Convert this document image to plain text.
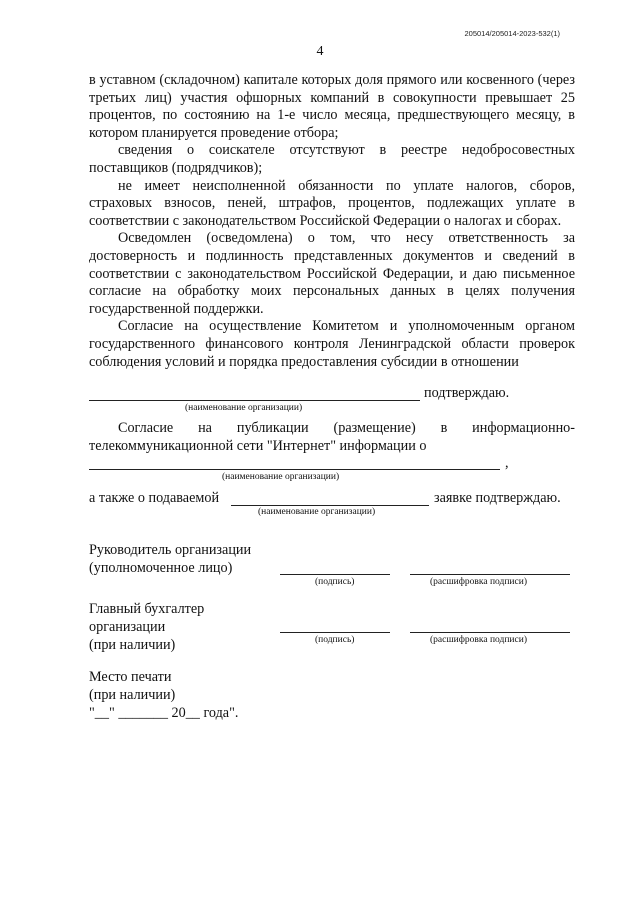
205014/205014-2023-532(1)
4

в уставном (складочном) капитале которых доля прямого или косвенного (через третьих лиц) участия офшорных компаний в совокупности превышает 25 процентов, по состоянию на 1-е число месяца, предшествующего месяцу, в котором планируется проведение отбора;

сведения о соискателе отсутствуют в реестре недобросовестных поставщиков (подрядчиков);

не имеет неисполненной обязанности по уплате налогов, сборов, страховых взносов, пеней, штрафов, процентов, подлежащих уплате в соответствии с законодательством Российской Федерации о налогах и сборах.

Осведомлен (осведомлена) о том, что несу ответственность за достоверность и подлинность представленных документов и сведений в соответствии с законодательством Российской Федерации, и даю письменное согласие на обработку моих персональных данных в целях получения государственной поддержки.

Согласие на осуществление Комитетом и уполномоченным органом государственного финансового контроля Ленинградской области проверок соблюдения условий и порядка предоставления субсидии в отношении

подтверждаю.
(наименование организации)

Согласие на публикации (размещение) в информационно-телекоммуникационной сети "Интернет" информации о

,
(наименование организации)
а также о подаваемой	заявке подтверждаю.
(наименование организации)
Руководитель организации
(уполномоченное лицо)
(подпись)	(расшифровка подписи)
Главный бухгалтер
организации
(при наличии)	(подпись)	(расшифровка подписи)
Место печати
(при наличии)
"__" _______ 20__ года".
